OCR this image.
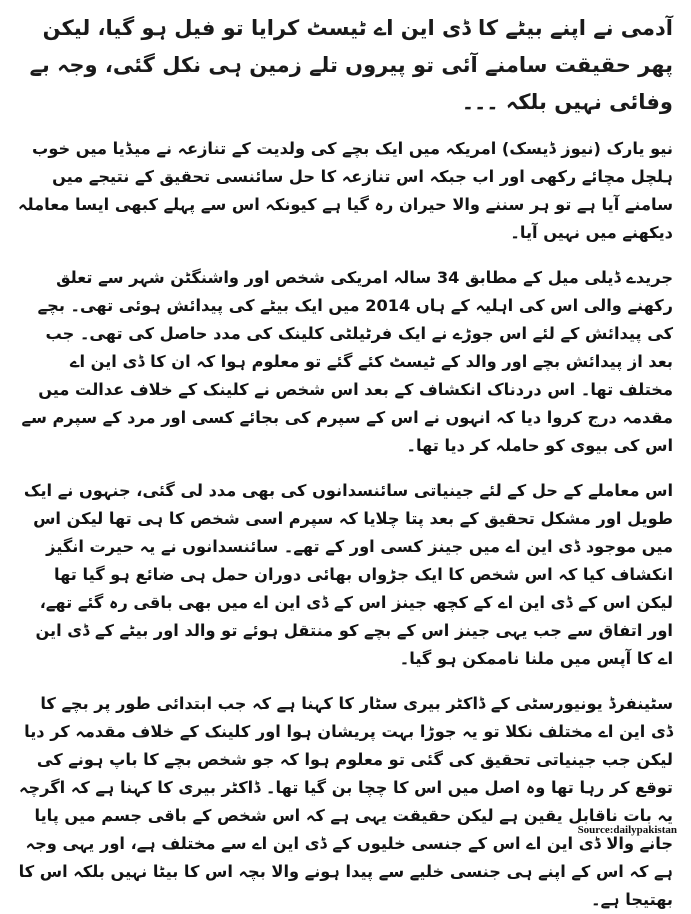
آدمی نے اپنے بیٹے کا ڈی این اے ٹیسٹ کرایا تو فیل ہو گیا، لیکن پھر حقیقت سامنے آئی تو پیروں تلے زمین ہی نکل گئی، وجہ بے وفائی نہیں بلکہ ۔۔۔

نیو یارک (نیوز ڈیسک) امریکہ میں ایک بچے کی ولدیت کے تنازعہ نے میڈیا میں خوب ہلچل مچائے رکھی اور اب جبکہ اس تنازعہ کا حل سائنسی تحقیق کے نتیجے میں سامنے آیا ہے تو ہر سننے والا حیران رہ گیا ہے کیونکہ اس سے پہلے کبھی ایسا معاملہ دیکھنے میں نہیں آیا۔

جریدے ڈیلی میل کے مطابق 34 سالہ امریکی شخص اور واشنگٹن شہر سے تعلق رکھنے والی اس کی اہلیہ کے ہاں 2014 میں ایک بیٹے کی پیدائش ہوئی تھی۔ بچے کی پیدائش کے لئے اس جوڑے نے ایک فرٹیلٹی کلینک کی مدد حاصل کی تھی۔ جب بعد از پیدائش بچے اور والد کے ٹیسٹ کئے گئے تو معلوم ہوا کہ ان کا ڈی این اے مختلف تھا۔ اس دردناک انکشاف کے بعد اس شخص نے کلینک کے خلاف عدالت میں مقدمہ درج کروا دیا کہ انہوں نے اس کے سپرم کی بجائے کسی اور مرد کے سپرم سے اس کی بیوی کو حاملہ کر دیا تھا۔

اس معاملے کے حل کے لئے جینیاتی سائنسدانوں کی بھی مدد لی گئی، جنہوں نے ایک طویل اور مشکل تحقیق کے بعد پتا چلایا کہ سپرم اسی شخص کا ہی تھا لیکن اس میں موجود ڈی این اے میں جینز کسی اور کے تھے۔ سائنسدانوں نے یہ حیرت انگیز انکشاف کیا کہ اس شخص کا ایک جڑواں بھائی دوران حمل ہی ضائع ہو گیا تھا لیکن اس کے ڈی این اے کے کچھ جینز اس کے ڈی این اے میں بھی باقی رہ گئے تھے، اور اتفاق سے جب یہی جینز اس کے بچے کو منتقل ہوئے تو والد اور بیٹے کے ڈی این اے کا آپس میں ملنا ناممکن ہو گیا۔

سٹینفرڈ یونیورسٹی کے ڈاکٹر بیری سٹار کا کہنا ہے کہ جب ابتدائی طور پر بچے کا ڈی این اے مختلف نکلا تو یہ جوڑا بہت پریشان ہوا اور کلینک کے خلاف مقدمہ کر دیا لیکن جب جینیاتی تحقیق کی گئی تو معلوم ہوا کہ جو شخص بچے کا باپ ہونے کی توقع کر رہا تھا وہ اصل میں اس کا چچا بن گیا تھا۔ ڈاکٹر بیری کا کہنا ہے کہ اگرچہ یہ بات ناقابل یقین ہے لیکن حقیقت یہی ہے کہ اس شخص کے باقی جسم میں پایا جانے والا ڈی این اے اس کے جنسی خلیوں کے ڈی این اے سے مختلف ہے، اور یہی وجہ ہے کہ اس کے اپنے ہی جنسی خلیے سے پیدا ہونے والا بچہ اس کا بیٹا نہیں بلکہ اس کا بھتیجا ہے۔

Source:dailypakistan
